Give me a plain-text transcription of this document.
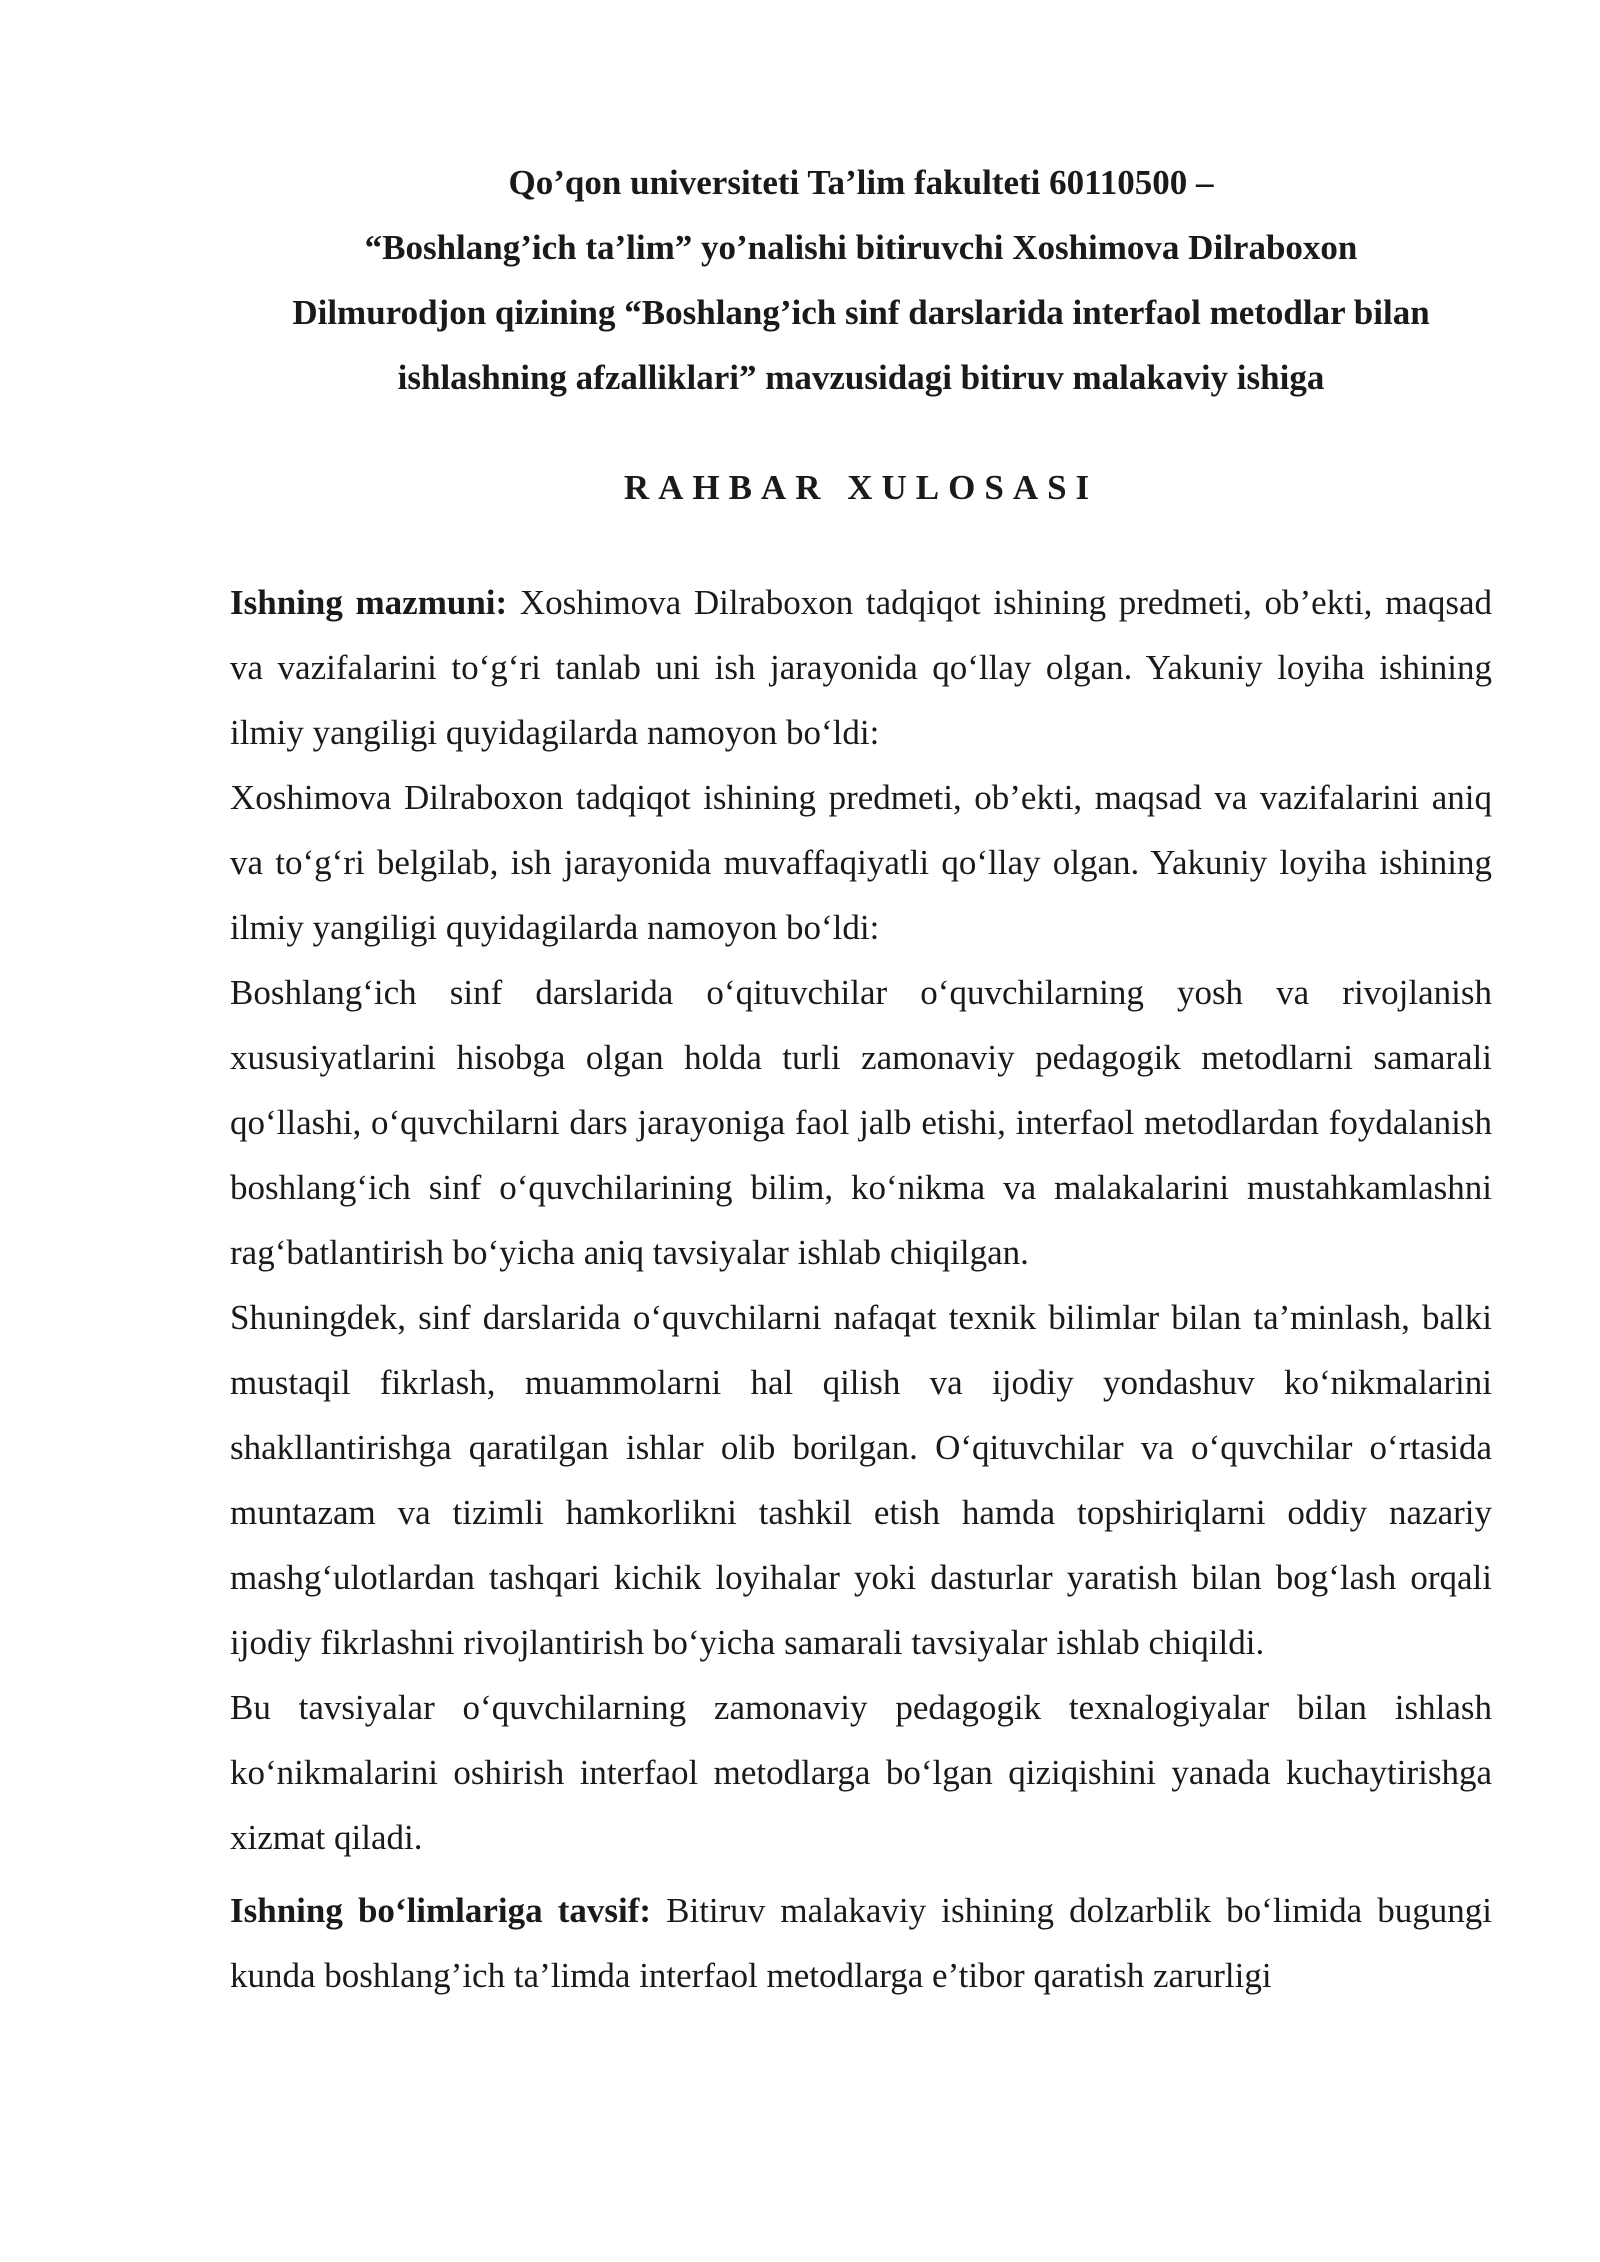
Qo’qon universiteti Ta’lim fakulteti 60110500 –
“Boshlang’ich ta’lim” yo’nalishi bitiruvchi Xoshimova Dilraboxon
Dilmurodjon qizining “Boshlang’ich sinf darslarida interfaol metodlar bilan
ishlashning afzalliklari” mavzusidagi bitiruv malakaviy ishiga
RAHBAR XULOSASI

Ishning mazmuni: Xoshimova Dilraboxon tadqiqot ishining predmeti, ob’ekti, maqsad va vazifalarini to‘g‘ri tanlab uni ish jarayonida qo‘llay olgan. Yakuniy loyiha ishining ilmiy yangiligi quyidagilarda namoyon bo‘ldi:

Xoshimova Dilraboxon tadqiqot ishining predmeti, ob’ekti, maqsad va vazifalarini aniq va to‘g‘ri belgilab, ish jarayonida muvaffaqiyatli qo‘llay olgan. Yakuniy loyiha ishining ilmiy yangiligi quyidagilarda namoyon bo‘ldi:

Boshlang‘ich sinf darslarida o‘qituvchilar o‘quvchilarning yosh va rivojlanish xususiyatlarini hisobga olgan holda turli zamonaviy pedagogik metodlarni samarali qo‘llashi, o‘quvchilarni dars jarayoniga faol jalb etishi, interfaol metodlardan foydalanish boshlang‘ich sinf o‘quvchilarining bilim, ko‘nikma va malakalarini mustahkamlashni rag‘batlantirish bo‘yicha aniq tavsiyalar ishlab chiqilgan.

Shuningdek, sinf darslarida o‘quvchilarni nafaqat texnik bilimlar bilan ta’minlash, balki mustaqil fikrlash, muammolarni hal qilish va ijodiy yondashuv ko‘nikmalarini shakllantirishga qaratilgan ishlar olib borilgan. O‘qituvchilar va o‘quvchilar o‘rtasida muntazam va tizimli hamkorlikni tashkil etish hamda topshiriqlarni oddiy nazariy mashg‘ulotlardan tashqari kichik loyihalar yoki dasturlar yaratish bilan bog‘lash orqali ijodiy fikrlashni rivojlantirish bo‘yicha samarali tavsiyalar ishlab chiqildi.

Bu tavsiyalar o‘quvchilarning zamonaviy pedagogik texnalogiyalar bilan ishlash ko‘nikmalarini oshirish interfaol metodlarga bo‘lgan qiziqishini yanada kuchaytirishga xizmat qiladi.

Ishning bo‘limlariga tavsif: Bitiruv malakaviy ishining dolzarblik bo‘limida bugungi kunda boshlang’ich ta’limda interfaol metodlarga e’tibor qaratish zarurligi
